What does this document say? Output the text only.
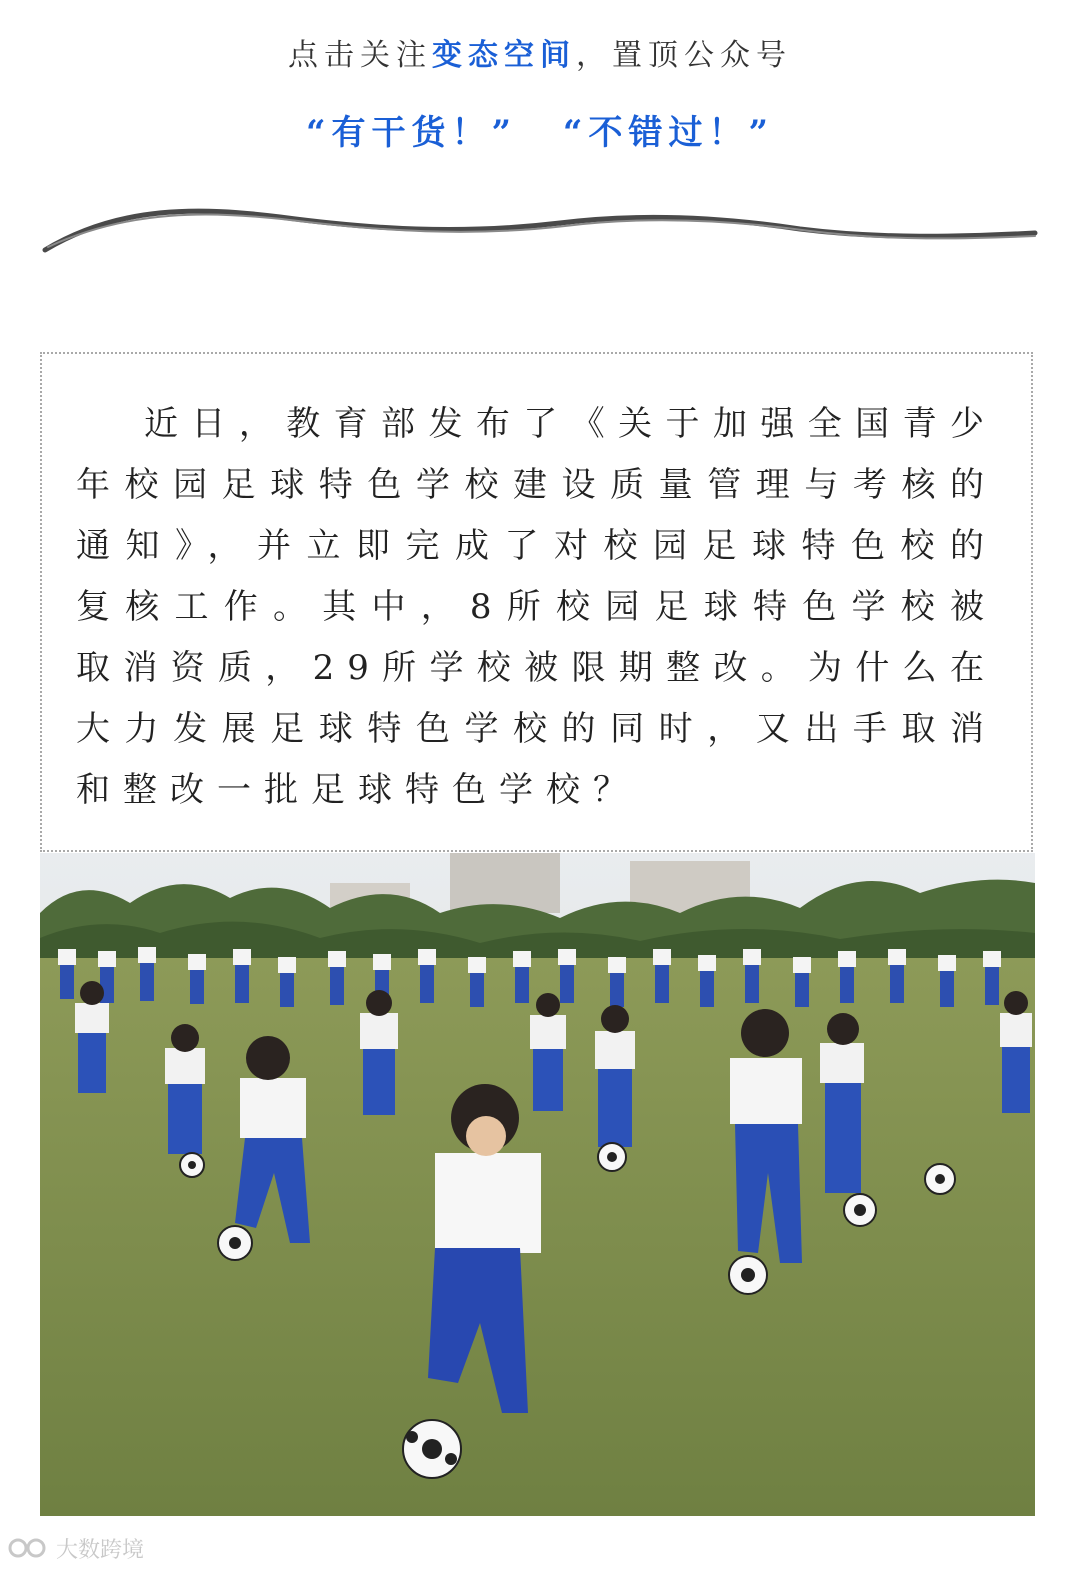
点击关注变态空间，置顶公众号
“有干货！” “不错过！”

近日，教育部发布了《关于加强全国青少年校园足球特色学校建设质量管理与考核的通知》，并立即完成了对校园足球特色校的复核工作。其中，8所校园足球特色学校被取消资质，29所学校被限期整改。为什么在大力发展足球特色学校的同时，又出手取消和整改一批足球特色学校？

大数跨境
